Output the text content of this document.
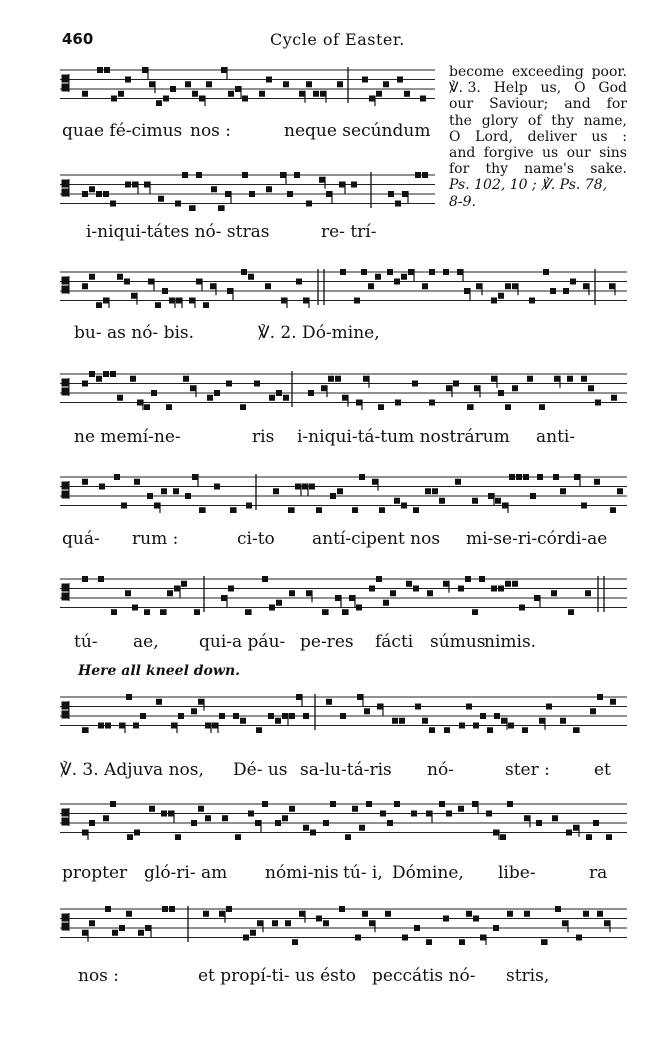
460	Cycle of Easter.
become exceeding poor.
℣. 3. Help us, O God
our Saviour; and for
the glory of thy name,
O Lord, deliver us :
and forgive us our sins
for thy name's sake.
Ps. 102, 10 ; ℣. Ps. 78,
8-9.
Here all kneel down.
quae fé-cimus nos :	neque secúndum
i-niqui-tátes nó- stras	re- trí-
bu- as nó- bis.	℣. 2. Dó-mine,
ne memí-ne-	ris i-niqui-tá-tum nostrárum anti-
quá- rum :	ci-to antí-cipent nos mi-se-ri-córdi-ae
tú- ae, qui-a páu- pe-res fácti súmus
nimis.
℣. 3. Adjuva nos, Dé- us sa-lu-tá-ris nó-	ster :	et
propter gló-ri- am nómi-nis tú- i, Dómine, libe-	ra
nos :	et propí-ti- us ésto peccátis nó- stris,
